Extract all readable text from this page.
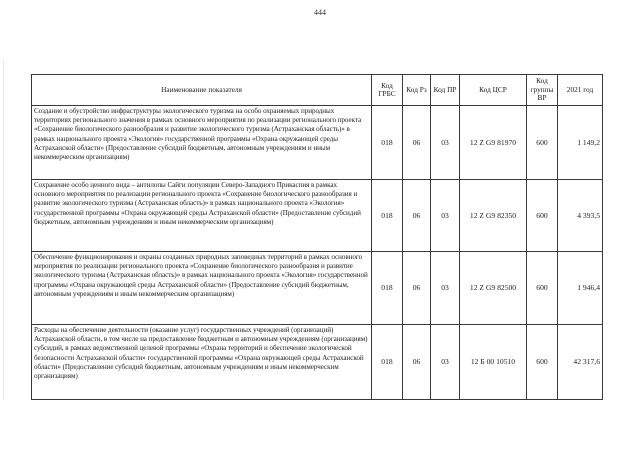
444
Наименование показателя	Код ГРБС	Код Рз	Код ПР	Код ЦСР	Код группы ВР	2021 год
Создание и обустройство инфраструктуры экологического туризма на особо охраняемых природных территориях регионального значения в рамках основного мероприятия по реализации регионального проекта «Сохранение биологического разнообразия и развитие экологического туризма (Астраханская область)» в рамках национального проекта «Экология» государственной программы «Охрана окружающей среды Астраханской области» (Предоставление субсидий бюджетным, автономным учреждениям и иным некоммерческим организациям)	018	06	03	12 Z G9 81970	600	1 149,2
Сохранение особо ценного вида – антилопы Сайги популяции Северо-Западного Прикаспия в рамках основного мероприятия по реализации регионального проекта «Сохранение биологического разнообразия и развитие экологического туризма (Астраханская область)» в рамках национального проекта «Экология» государственной программы «Охрана окружающей среды Астраханской области» (Предоставление субсидий бюджетным, автономным учреждениям и иным некоммерческим организациям)	018	06	03	12 Z G9 82350	600	4 393,5
Обеспечение функционирования и охраны созданных природных заповедных территорий в рамках основного мероприятия по реализации регионального проекта «Сохранение биологического разнообразия и развитие экологического туризма (Астраханская область)» в рамках национального проекта «Экология» государственной программы «Охрана окружающей среды Астраханской области» (Предоставление субсидий бюджетным, автономным учреждениям и иным некоммерческим организациям)	018	06	03	12 Z G9 82500	600	1 946,4
Расходы на обеспечение деятельности (оказание услуг) государственных учреждений (организаций) Астраханской области, в том числе на предоставление бюджетным и автономным учреждениям (организациям) субсидий, в рамках ведомственной целевой программы «Охрана территорий и обеспечение экологической безопасности Астраханской области» государственной программы «Охрана окружающей среды Астраханской области» (Предоставление субсидий бюджетным, автономным учреждениям и иным некоммерческим организациям)	018	06	03	12 Б 00 10510	600	42 317,6
